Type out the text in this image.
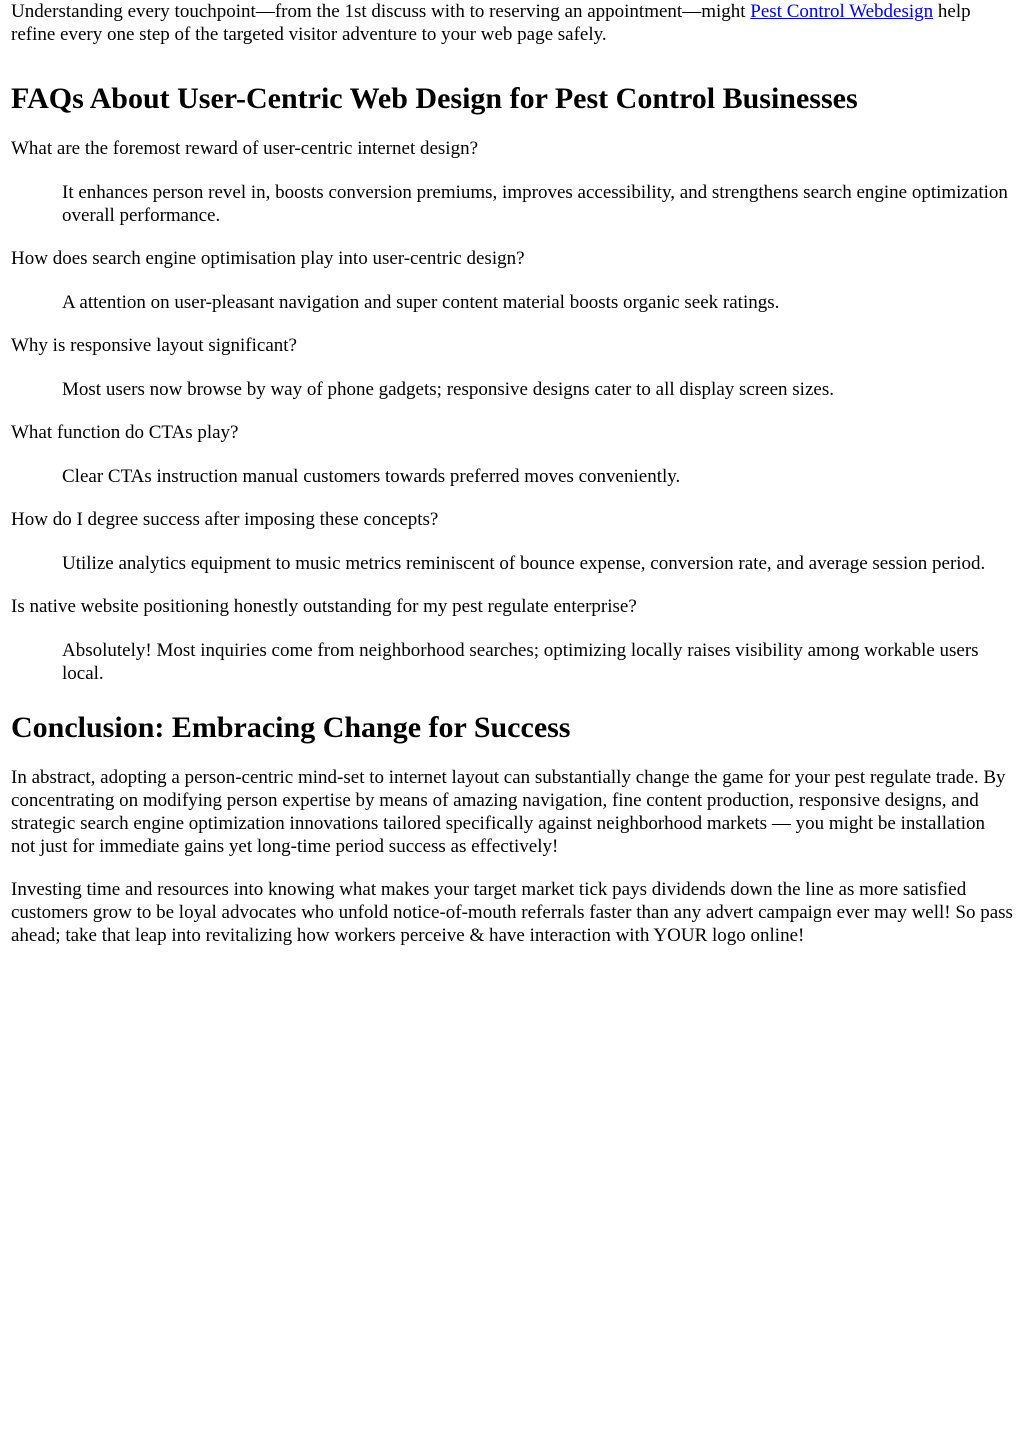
Understanding every touchpoint—from the 1st discuss with to reserving an appointment—might Pest Control Webdesign help refine every one step of the targeted visitor adventure to your web page safely.

FAQs About User-Centric Web Design for Pest Control Businesses

What are the foremost reward of user-centric internet design?

It enhances person revel in, boosts conversion premiums, improves accessibility, and strengthens search engine optimization overall performance.

How does search engine optimisation play into user-centric design?

A attention on user-pleasant navigation and super content material boosts organic seek ratings.

Why is responsive layout significant?

Most users now browse by way of phone gadgets; responsive designs cater to all display screen sizes.

What function do CTAs play?

Clear CTAs instruction manual customers towards preferred moves conveniently.

How do I degree success after imposing these concepts?

Utilize analytics equipment to music metrics reminiscent of bounce expense, conversion rate, and average session period.

Is native website positioning honestly outstanding for my pest regulate enterprise?

Absolutely! Most inquiries come from neighborhood searches; optimizing locally raises visibility among workable users local.

Conclusion: Embracing Change for Success

In abstract, adopting a person-centric mind-set to internet layout can substantially change the game for your pest regulate trade. By concentrating on modifying person expertise by means of amazing navigation, fine content production, responsive designs, and strategic search engine optimization innovations tailored specifically against neighborhood markets — you might be installation not just for immediate gains yet long-time period success as effectively!

Investing time and resources into knowing what makes your target market tick pays dividends down the line as more satisfied customers grow to be loyal advocates who unfold notice-of-mouth referrals faster than any advert campaign ever may well! So pass ahead; take that leap into revitalizing how workers perceive & have interaction with YOUR logo online!
